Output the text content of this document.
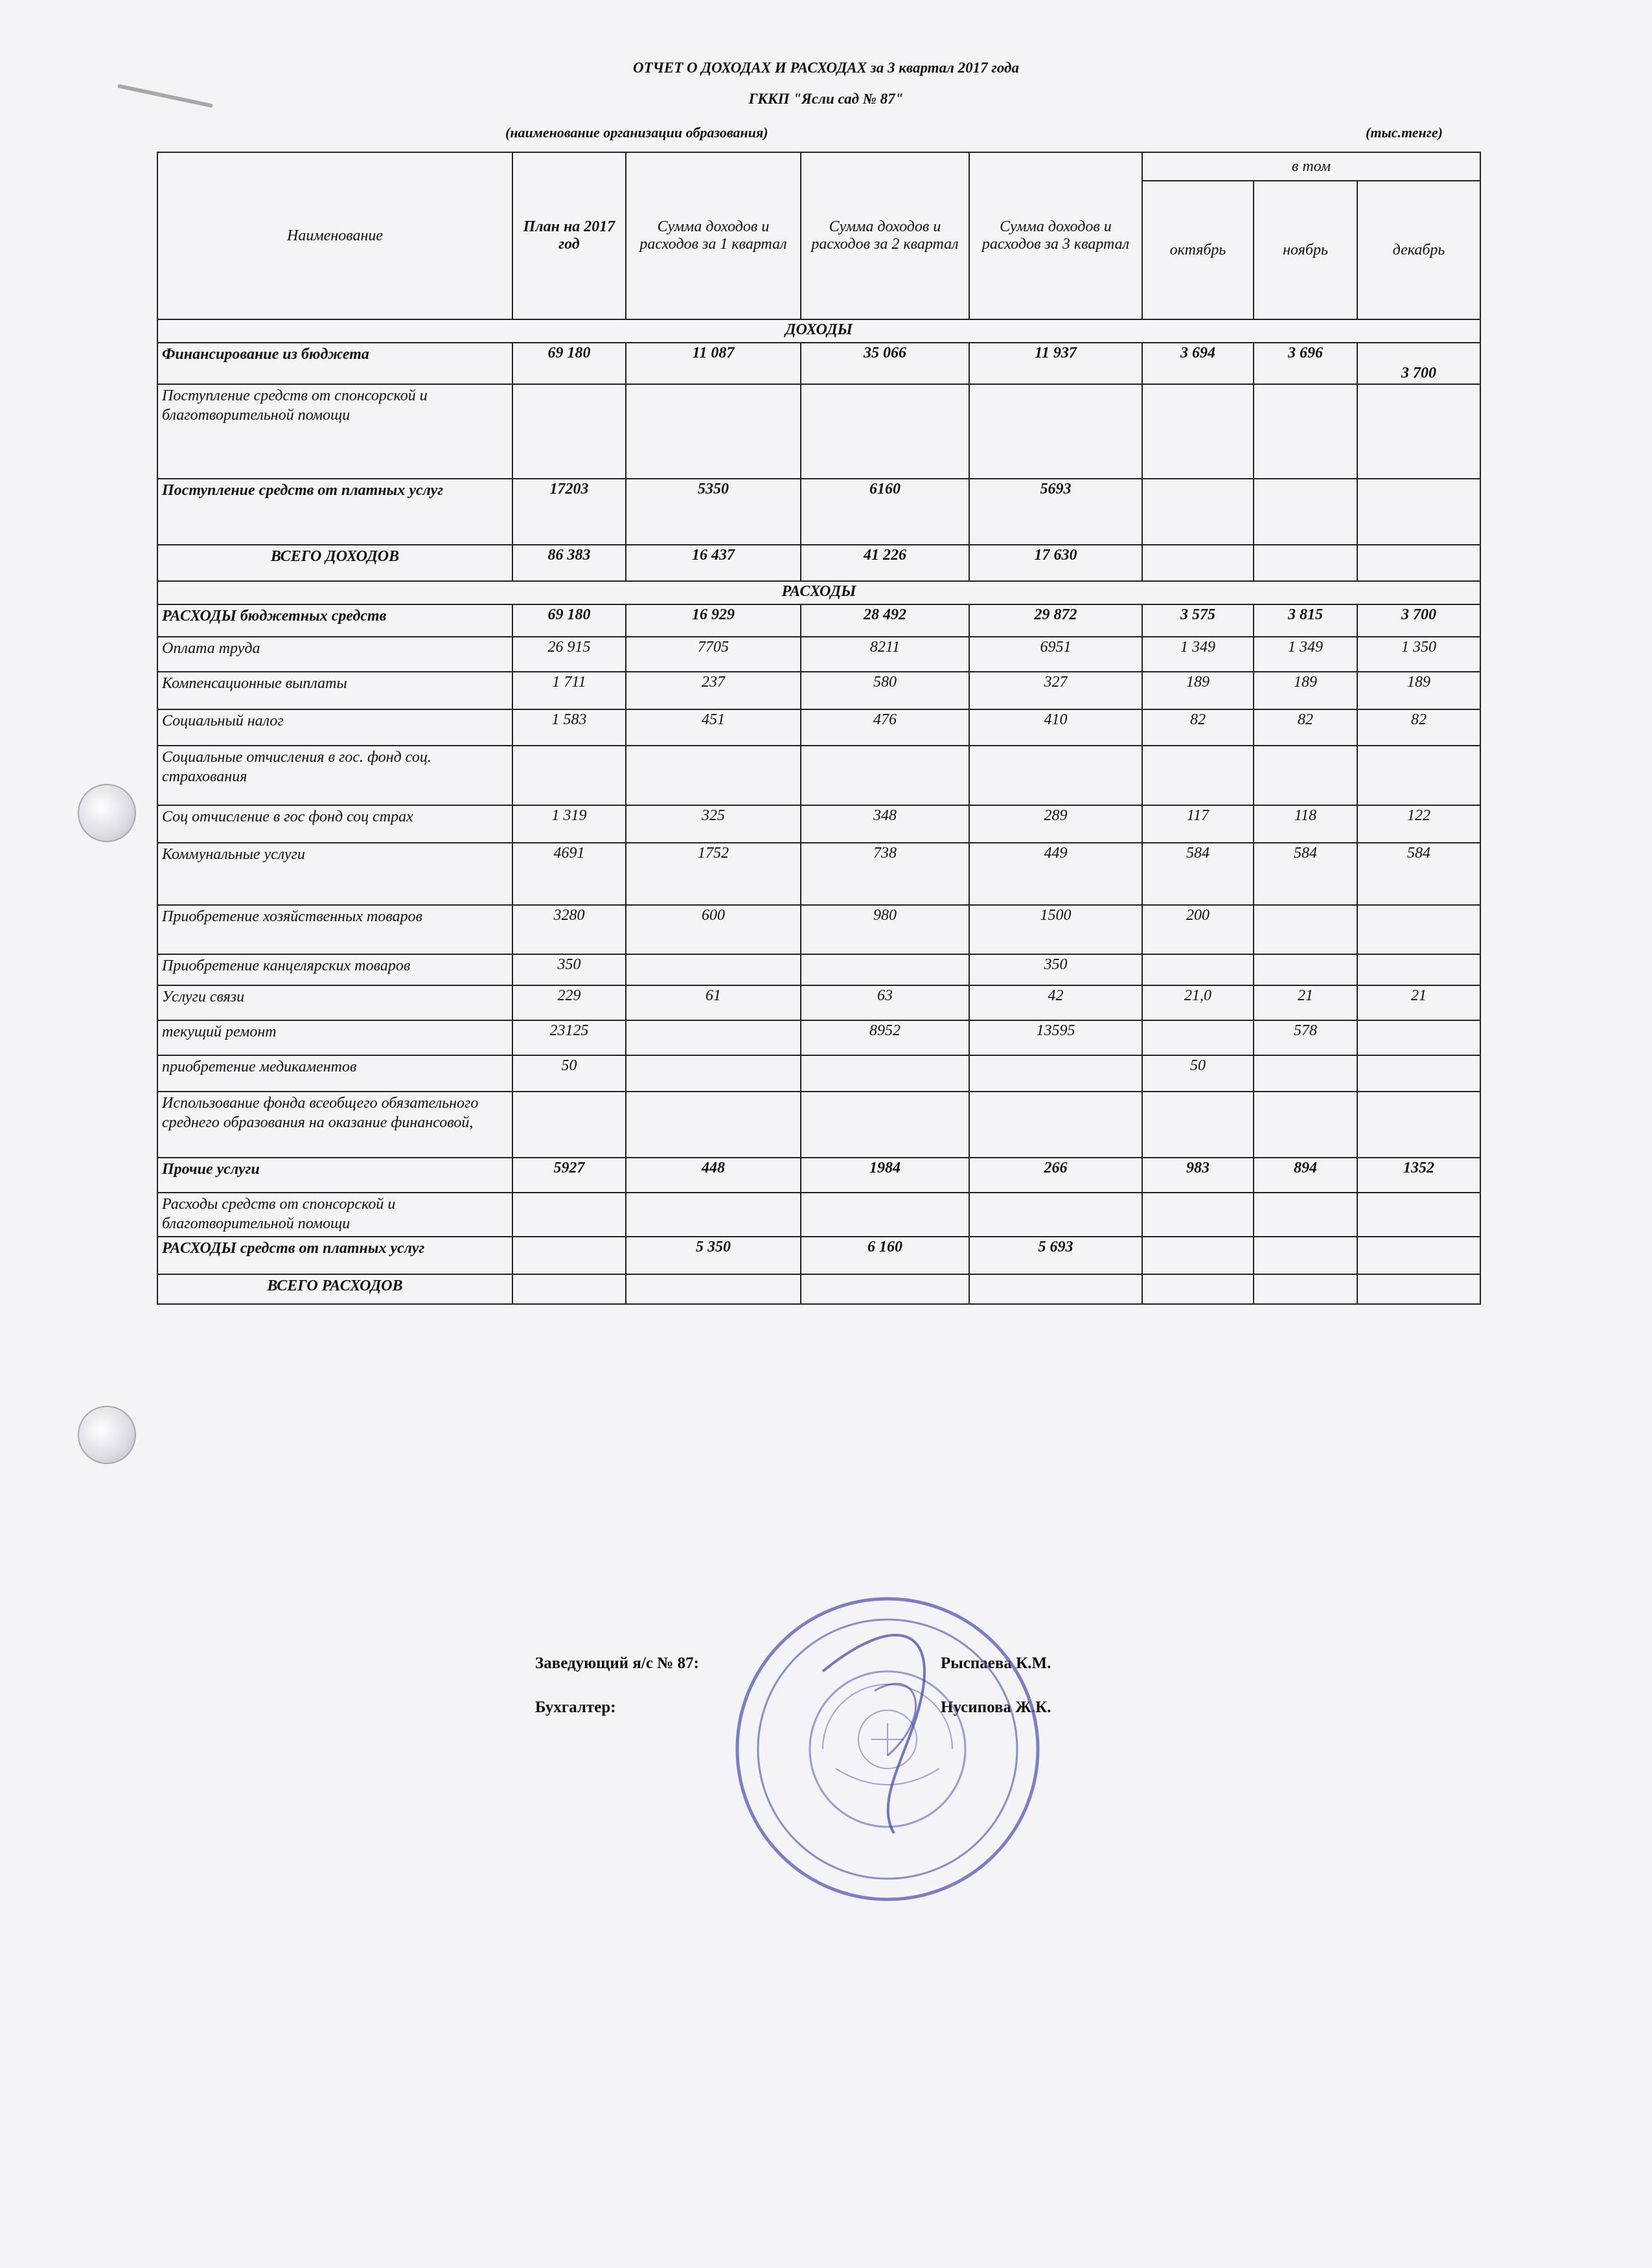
ОТЧЕТ О ДОХОДАХ И РАСХОДАХ за 3 квартал 2017 года
ГККП "Ясли сад № 87"
(наименование организации образования)	(тыс.тенге)
Наименование	План на 2017 год	Сумма доходов и расходов за 1 квартал	Сумма доходов и расходов за 2 квартал	Сумма доходов и расходов за 3 квартал	в том		
					октябрь	ноябрь	декабрь
ДОХОДЫ							
Финансирование из бюджета	69 180	11 087	35 066	11 937	3 694	3 696	3 700
Поступление средств от спонсорской и благотворительной помощи							
Поступление средств от платных услуг	17203	5350	6160	5693			
ВСЕГО ДОХОДОВ	86 383	16 437	41 226	17 630			
РАСХОДЫ							
РАСХОДЫ бюджетных средств	69 180	16 929	28 492	29 872	3 575	3 815	3 700
Оплата труда	26 915	7705	8211	6951	1 349	1 349	1 350
Компенсационные выплаты	1 711	237	580	327	189	189	189
Социальный налог	1 583	451	476	410	82	82	82
Социальные отчисления в гос. фонд соц. страхования							
Соц отчисление в гос фонд соц страх	1 319	325	348	289	117	118	122
Коммунальные услуги	4691	1752	738	449	584	584	584
Приобретение хозяйственных товаров	3280	600	980	1500	200		
Приобретение канцелярских товаров	350			350			
Услуги связи	229	61	63	42	21,0	21	21
текущий ремонт	23125		8952	13595		578	
приобретение медикаментов	50				50		
Использование фонда всеобщего обязательного среднего образования на оказание финансовой,							
Прочие услуги	5927	448	1984	266	983	894	1352
Расходы средств от спонсорской и благотворительной помощи							
РАСХОДЫ средств от платных услуг		5 350	6 160	5 693			
ВСЕГО РАСХОДОВ							
Заведующий я/с № 87:	Рыспаева К.М.
Бухгалтер:	Нусипова Ж.К.
